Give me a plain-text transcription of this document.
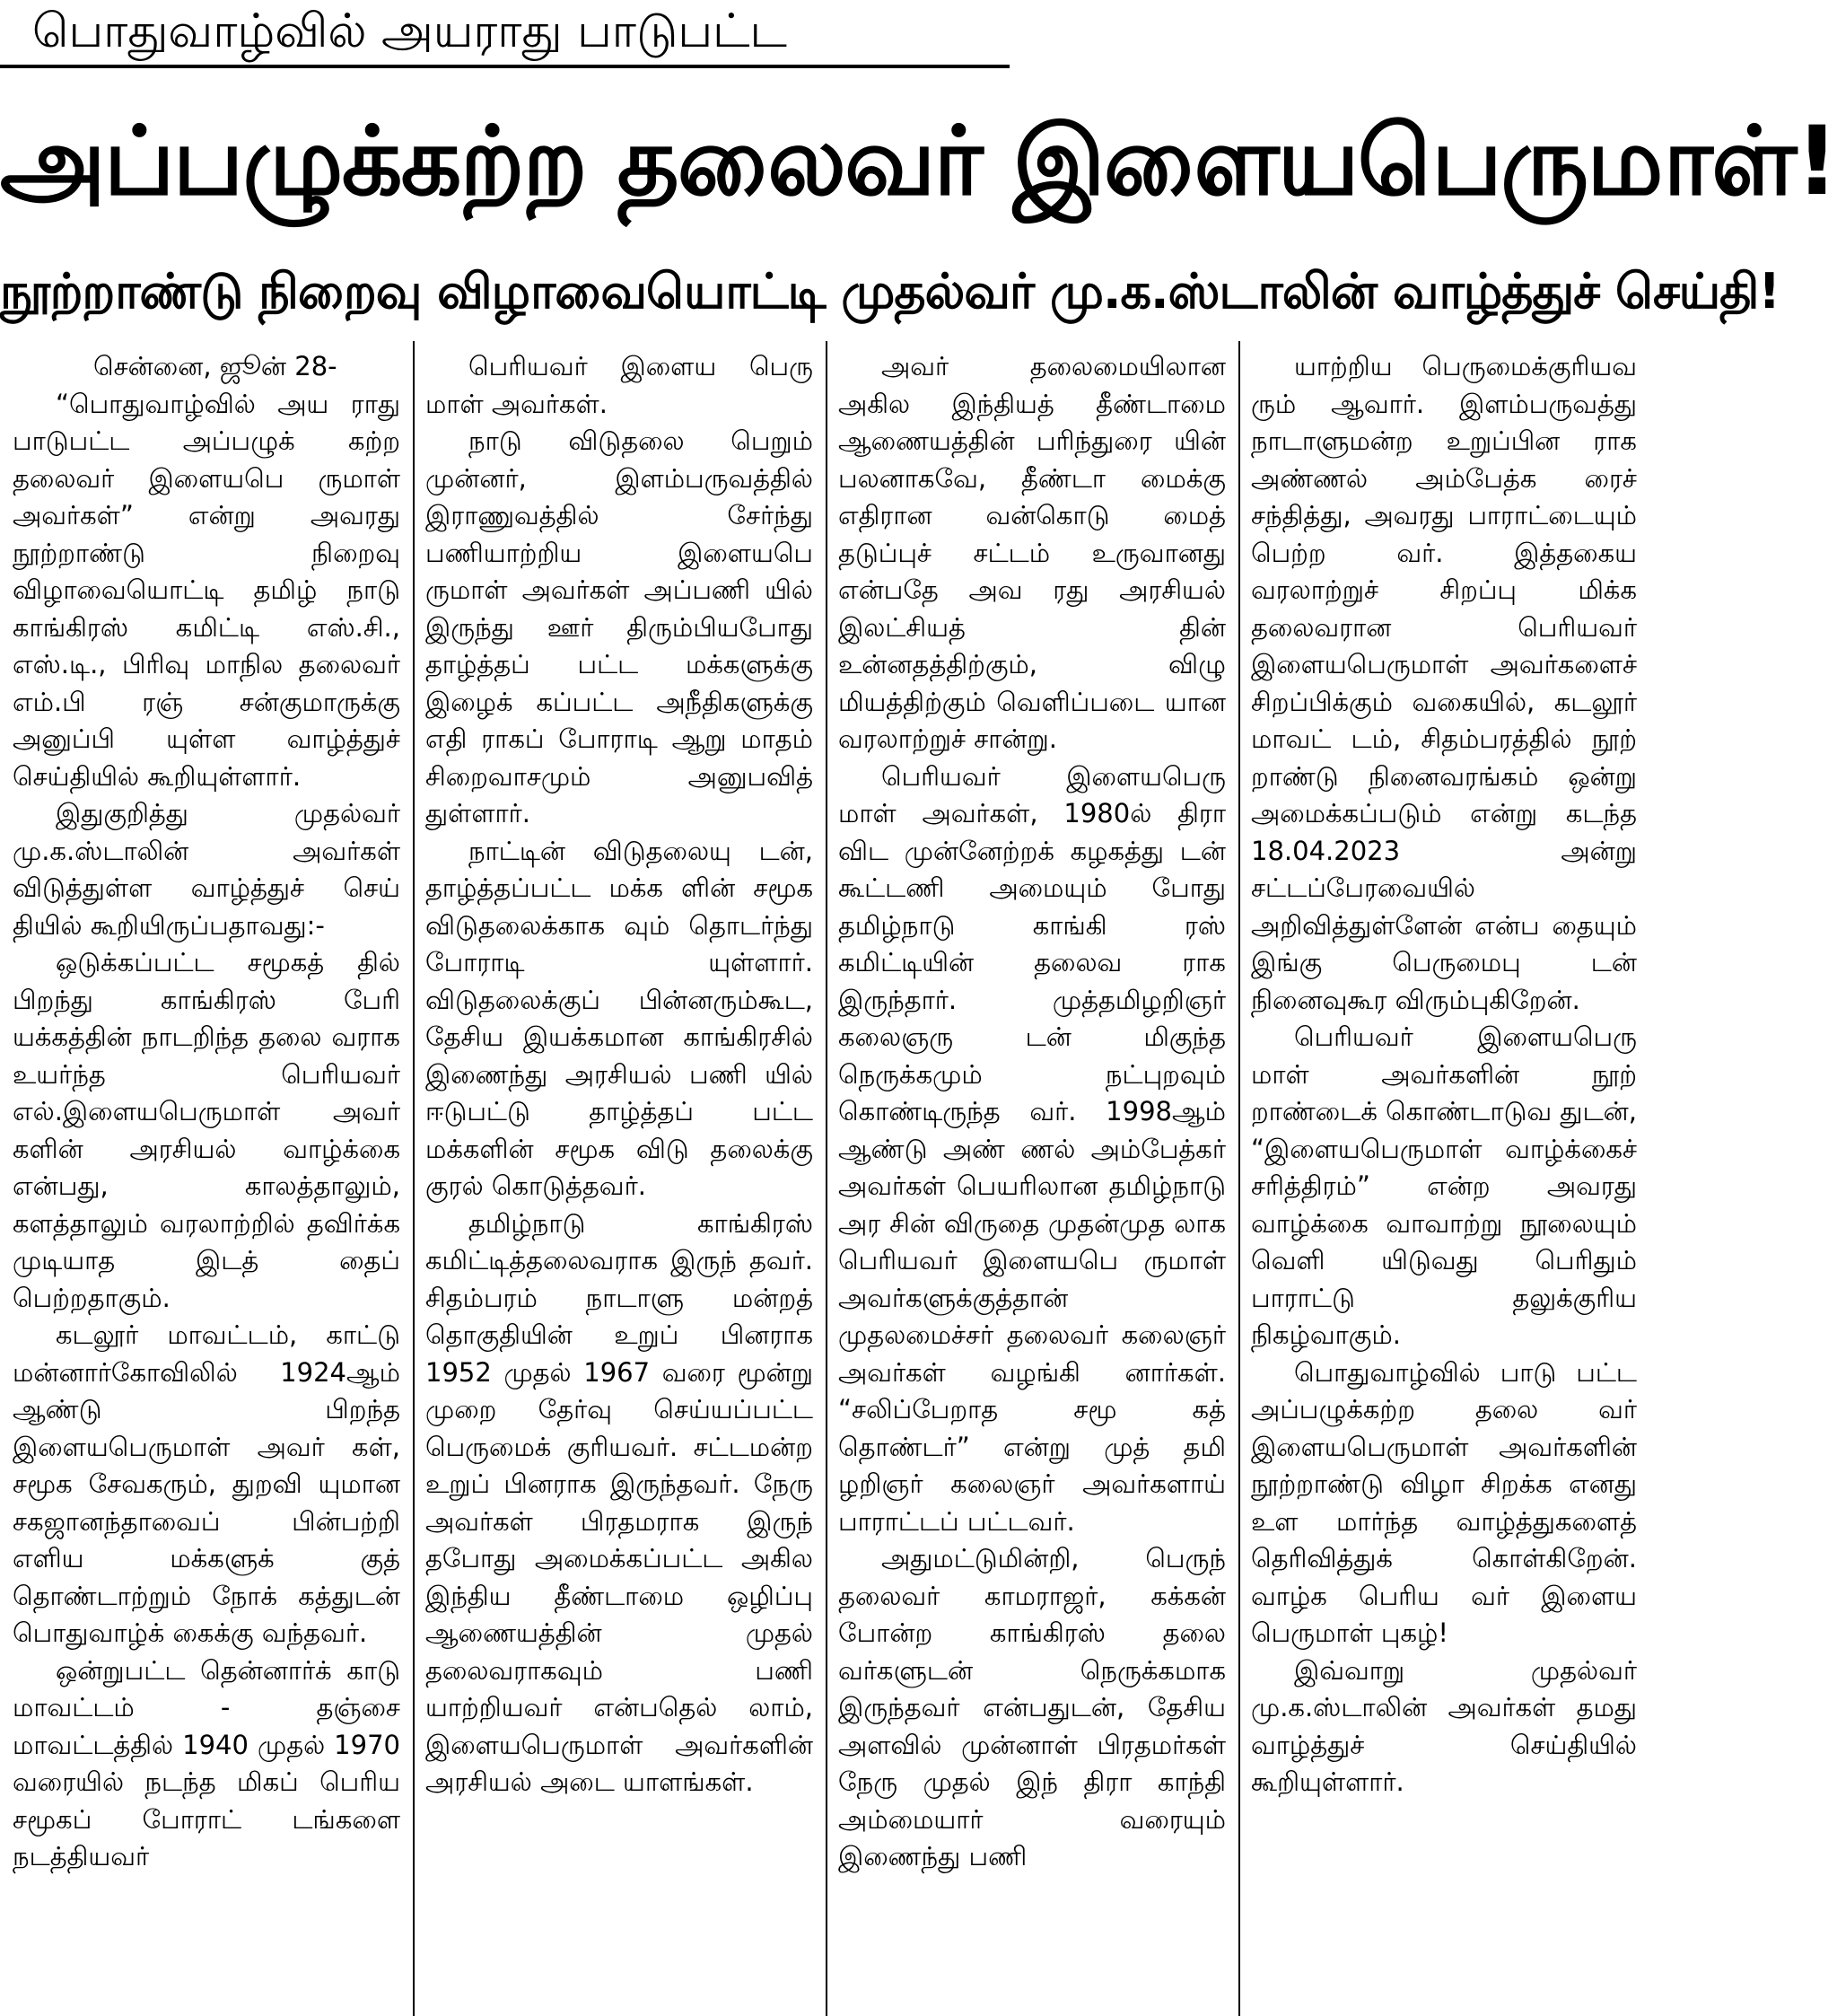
பொதுவாழ்வில் அயராது பாடுபட்ட
அப்பழுக்கற்ற தலைவர் இளையபெருமாள்!
நூற்றாண்டு நிறைவு விழாவையொட்டி முதல்வர் மு.க.ஸ்டாலின் வாழ்த்துச் செய்தி!

சென்னை, ஜூன் 28-

“பொதுவாழ்வில் அய ராது பாடுபட்ட அப்பழுக் கற்ற தலைவர் இளையபெ ருமாள் அவர்கள்” என்று அவரது நூற்றாண்டு நிறைவு விழாவையொட்டி தமிழ் நாடு காங்கிரஸ் கமிட்டி எஸ்.சி., எஸ்.டி., பிரிவு மாநில தலைவர் எம்.பி ரஞ் சன்குமாருக்கு அனுப்பி யுள்ள வாழ்த்துச் செய்தியில் கூறியுள்ளார்.

இதுகுறித்து முதல்வர் மு.க.ஸ்டாலின் அவர்கள் விடுத்துள்ள வாழ்த்துச் செய் தியில் கூறியிருப்பதாவது:-

ஒடுக்கப்பட்ட சமூகத் தில் பிறந்து காங்கிரஸ் பேரி யக்கத்தின் நாடறிந்த தலை வராக உயர்ந்த பெரியவர் எல்.இளையபெருமாள் அவர் களின் அரசியல் வாழ்க்கை என்பது, காலத்தாலும், களத்தாலும் வரலாற்றில் தவிர்க்க முடியாத இடத் தைப் பெற்றதாகும்.

கடலூர் மாவட்டம், காட்டு மன்னார்கோவிலில் 1924ஆம் ஆண்டு பிறந்த இளையபெருமாள் அவர் கள், சமூக சேவகரும், துறவி யுமான சகஜானந்தாவைப் பின்பற்றி எளிய மக்களுக் குத் தொண்டாற்றும் நோக் கத்துடன் பொதுவாழ்க் கைக்கு வந்தவர்.

ஒன்றுபட்ட தென்னார்க் காடு மாவட்டம் - தஞ்சை மாவட்டத்தில் 1940 முதல் 1970 வரையில் நடந்த மிகப் பெரிய சமூகப் போராட் டங்களை நடத்தியவர்

பெரியவர் இளைய பெரு மாள் அவர்கள்.

நாடு விடுதலை பெறும் முன்னர், இளம்பருவத்தில் இராணுவத்தில் சேர்ந்து பணியாற்றிய இளையபெ ருமாள் அவர்கள் அப்பணி யில் இருந்து ஊர் திரும்பியபோது தாழ்த்தப் பட்ட மக்களுக்கு இழைக் கப்பட்ட அநீதிகளுக்கு எதி ராகப் போராடி ஆறு மாதம் சிறைவாசமும் அனுபவித் துள்ளார்.

நாட்டின் விடுதலையு டன், தாழ்த்தப்பட்ட மக்க ளின் சமூக விடுதலைக்காக வும் தொடர்ந்து போராடி யுள்ளார். விடுதலைக்குப் பின்னரும்கூட, தேசிய இயக்கமான காங்கிரசில் இணைந்து அரசியல் பணி யில் ஈடுபட்டு தாழ்த்தப் பட்ட மக்களின் சமூக விடு தலைக்கு குரல் கொடுத்தவர்.

தமிழ்நாடு காங்கிரஸ் கமிட்டித்தலைவராக இருந் தவர். சிதம்பரம் நாடாளு மன்றத் தொகுதியின் உறுப் பினராக 1952 முதல் 1967 வரை மூன்று முறை தேர்வு செய்யப்பட்ட பெருமைக் குரியவர். சட்டமன்ற உறுப் பினராக இருந்தவர். நேரு அவர்கள் பிரதமராக இருந் தபோது அமைக்கப்பட்ட அகில இந்திய தீண்டாமை ஒழிப்பு ஆணையத்தின் முதல் தலைவராகவும் பணி யாற்றியவர் என்பதெல் லாம், இளையபெருமாள் அவர்களின் அரசியல் அடை யாளங்கள்.

அவர் தலைமையிலான அகில இந்தியத் தீண்டாமை ஆணையத்தின் பரிந்துரை யின் பலனாகவே, தீண்டா மைக்கு எதிரான வன்கொடு மைத் தடுப்புச் சட்டம் உருவானது என்பதே அவ ரது அரசியல் இலட்சியத் தின் உன்னதத்திற்கும், விழு மியத்திற்கும் வெளிப்படை யான வரலாற்றுச் சான்று.

பெரியவர் இளையபெரு மாள் அவர்கள், 1980ல் திரா விட முன்னேற்றக் கழகத்து டன் கூட்டணி அமையும் போது தமிழ்நாடு காங்கி ரஸ் கமிட்டியின் தலைவ ராக இருந்தார். முத்தமிழறிஞர் கலைஞரு டன் மிகுந்த நெருக்கமும் நட்புறவும் கொண்டிருந்த வர். 1998ஆம் ஆண்டு அண் ணல் அம்பேத்கர் அவர்கள் பெயரிலான தமிழ்நாடு அர சின் விருதை முதன்முத லாக பெரியவர் இளையபெ ருமாள் அவர்களுக்குத்தான் முதலமைச்சர் தலைவர் கலைஞர் அவர்கள் வழங்கி னார்கள். “சலிப்பேறாத சமூ கத் தொண்டர்” என்று முத் தமி ழறிஞர் கலைஞர் அவர்களாய் பாராட்டப் பட்டவர்.

அதுமட்டுமின்றி, பெருந் தலைவர் காமராஜர், கக்கன் போன்ற காங்கிரஸ் தலை வர்களுடன் நெருக்கமாக இருந்தவர் என்பதுடன், தேசிய அளவில் முன்னாள் பிரதமர்கள் நேரு முதல் இந் திரா காந்தி அம்மையார் வரையும் இணைந்து பணி

யாற்றிய பெருமைக்குரியவ ரும் ஆவார். இளம்பருவத்து நாடாளுமன்ற உறுப்பின ராக அண்ணல் அம்பேத்க ரைச் சந்தித்து, அவரது பாராட்டையும் பெற்ற வர். இத்தகைய வரலாற்றுச் சிறப்பு மிக்க தலைவரான பெரியவர் இளையபெருமாள் அவர்களைச் சிறப்பிக்கும் வகையில், கடலூர் மாவட் டம், சிதம்பரத்தில் நூற் றாண்டு நினைவரங்கம் ஒன்று அமைக்கப்படும் என்று கடந்த 18.04.2023 அன்று சட்டப்பேரவையில் அறிவித்துள்ளேன் என்ப தையும் இங்கு பெருமைபு டன் நினைவுகூர விரும்புகிறேன்.

பெரியவர் இளையபெரு மாள் அவர்களின் நூற் றாண்டைக் கொண்டாடுவ துடன், “இளையபெருமாள் வாழ்க்கைச் சரித்திரம்” என்ற அவரது வாழ்க்கை வாவாற்று நூலையும் வெளி யிடுவது பெரிதும் பாராட்டு தலுக்குரிய நிகழ்வாகும்.

பொதுவாழ்வில் பாடு பட்ட அப்பழுக்கற்ற தலை வர் இளையபெருமாள் அவர்களின் நூற்றாண்டு விழா சிறக்க எனது உள மார்ந்த வாழ்த்துகளைத் தெரிவித்துக் கொள்கிறேன். வாழ்க பெரிய வர் இளைய பெருமாள் புகழ்!

இவ்வாறு முதல்வர் மு.க.ஸ்டாலின் அவர்கள் தமது வாழ்த்துச் செய்தியில் கூறியுள்ளார்.
